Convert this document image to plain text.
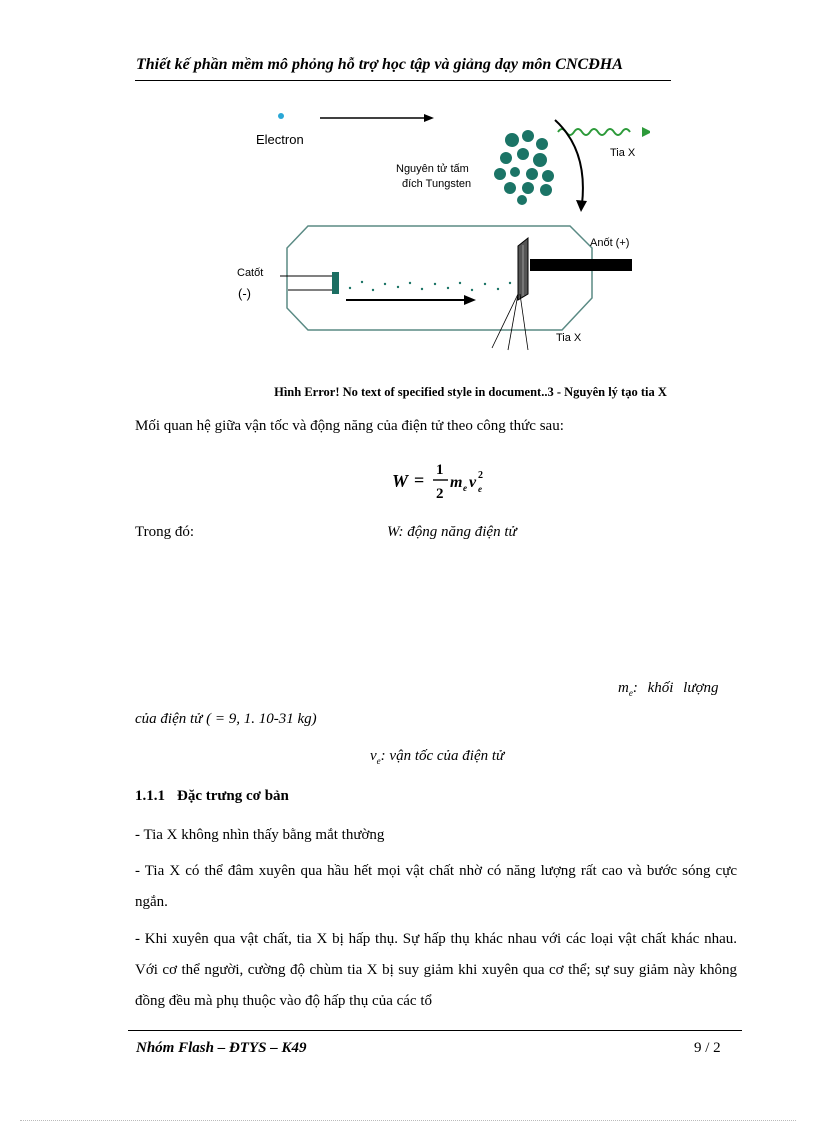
Thiết kế phần mềm mô phỏng hỗ trợ học tập và giảng dạy môn CNCĐHA
Electron
Nguyên tử tấm
đích Tungsten
Tia X
Catốt
(-)
Anốt (+)
Tia X
Hình Error! No text of specified style in document..3 - Nguyên lý tạo tia X
Mối quan hệ giữa vận tốc và động năng của điện tử theo công thức sau:
W = 1
2
m e v e
2
Trong đó:	W: động năng điện tử
$m_e$: khối lượng
của điện tử ( = 9, 1. 10-31 kg)
$v_e$: vận tốc của điện tử
1.1.1 Đặc trưng cơ bản
- Tia X không nhìn thấy bằng mắt thường
- Tia X có thể đâm xuyên qua hầu hết mọi vật chất nhờ có năng lượng rất cao và bước sóng cực ngắn.
- Khi xuyên qua vật chất, tia X bị hấp thụ. Sự hấp thụ khác nhau với các loại vật chất khác nhau. Với cơ thể người, cường độ chùm tia X bị suy giảm khi xuyên qua cơ thể; sự suy giảm này không đồng đều mà phụ thuộc vào độ hấp thụ của các tổ
Nhóm Flash – ĐTYS – K49	9 / 2
